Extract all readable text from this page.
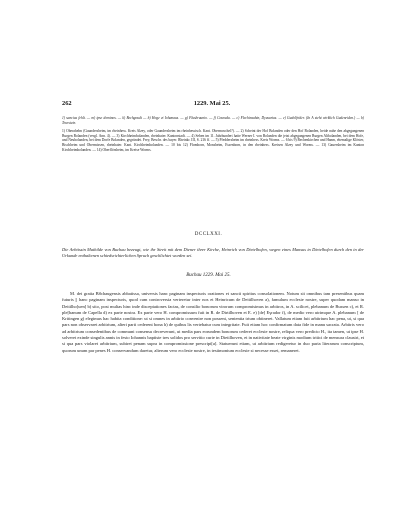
262	1229. Mai 25.
1) sancius fehlt. — m) ipse dominos. — k) Bechgoudt — h) Hoge et Iohanaus. — g) Flusbruunio. — f) Couruda. — c) Flechinsahin, Dyusarias. — e) Gudolfrider. (In A steht wirklich Gudenriden.) — b) Teurstein.
1) Oberahelm (Gaundersheim, im rheinhess. Kreis Alzey, oder Gaundersheim im rheinhessisch. Kant. Obermoschel?). — 2) Scheint der Hof Bolanden oder den Hof Bolanden, heide nahe den abgegangenen Burgen Bolanden (vergl. Ann. 4). — 3) Kirchheimbolanden, rheinbaier. Kantonstadt. — 4) Seben im 11. Jahrhundert hatte Werner I. von Bolanden die jetzt abgegangenen Burgen Altbolanden, bei dem Hofe, und Neubolanden, bei dem Dorfe Bolanden, gegründet. Frey, Beschr. des bayer. Rheinkr. III, S. 216 ff. — 5) Pfeddersheim im rheinhess. Kreis Worms. — 6 bis 9) Bechenkirchen und Hanm, ehemalige Klöster, Bischheim und Obermissen, rheinbaier. Kant. Kirchheimbolanden. — 10 bis 12) Flomborn, Monsheim, Essenborn, in den rheinhess. Kreisen Alzey und Worms. — 13) Gauersheim im Kanton Kirchheimbolanden. — 14) Oberflörsheim, im Kreise Worms.
DCCLXXI.
Die Aebtissin Mathilde von Buchau bezeugt, wie ihr Streit mit dem Diener ihrer Kirche, Heinrich von Dietelhofen, wegen eines Mansus in Dietelhofen durch den in der Urkunde enthaltenen schiedsrichterlichen Spruch geschlichtet worden sei.
Buchau 1229. Mai 25.

M. dei gratia Bȣchaugensis abbatissa, universis hanc paginam inspecturis orationes et sancti spiritus consolationem. Notum sit omnibus tam presentibus quam futuris || hanc paginam inspecturis, quod cum controversia verteretur inter nos et Heinricum de Deitilhoven a), famulum ecclesie nostre, super quodam manso in Deitilho[uen] b) sito, post multas hinc inde disceptationes factas, de consilio bonorum virorum compromisimus in arbitros, in A. scilicet, plebanum de Bussen c), et R. ple[banum de Capella d) ex parte nostra. Ex parte vero H. compromissum fuit in R. de Dirtilhoven et E. e) [de] Eγrador f), de medio vero utrimque A. plebanum [ de Kritingen g) elegimus hac habita conditione: ut si omnes in arbitrio convenire non possent, sententia trium obtineret. Vallatum etiam fuit arbitrium hac pena, ut, si qua pars non observaret arbitrium, alteri parti cederent bona h) de quibus lis vertebatur cum integritate. Fuit etiam hoc confirmatum data fide in manu sacrata. Arbitris vero ad arbitrium consedentibus de communi consensu decreverunt, ut media pars eorundem bonorum cederet ecclesie nostre, reliqua vero predicto H., ita tamen, ut ipse H. solveret exinde singulis annis in festo Iohannis baptiste tres solidos pro servitio curie in Dietilhoven, et in nativitate beate virginis modium tritici de mensura claustri, et si qua pars violaret arbitrium, subiret penam supra in compromissione prescript[a]. Statuerunt etiam, ut arbitrium redigeretur in duo paria literarum conscriptum, quorum unum par penes H. conservandum daretur, alterum vero ecclesie nostre, in testimonium ecclesie si necesse esset, remaneret.
